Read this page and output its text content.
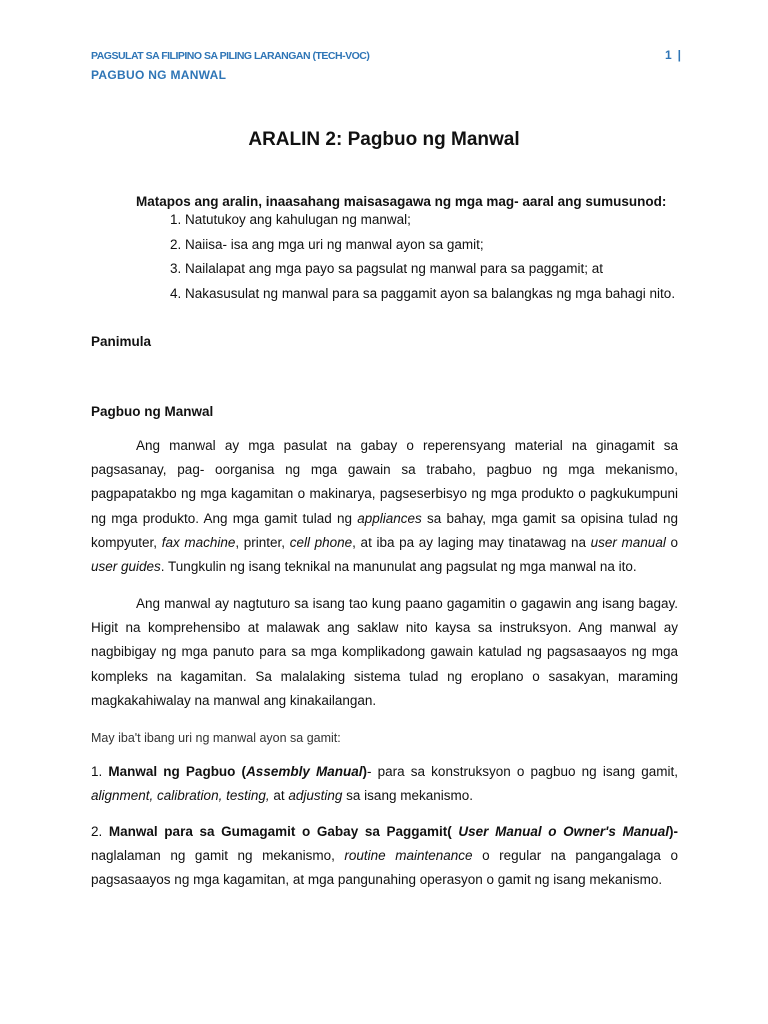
PAGSULAT SA FILIPINO SA PILING LARANGAN (TECH-VOC)	1 |
PAGBUO NG MANWAL
ARALIN 2: Pagbuo ng Manwal
Matapos ang aralin, inaasahang maisasagawa ng mga mag- aaral ang sumusunod:
1. Natutukoy ang kahulugan ng manwal;
2. Naiisa- isa ang mga uri ng manwal ayon sa gamit;
3. Nailalapat ang mga payo sa pagsulat ng manwal para sa paggamit; at
4. Nakasusulat ng manwal para sa paggamit ayon sa balangkas ng mga bahagi nito.
Panimula
Pagbuo ng Manwal
Ang manwal ay mga pasulat na gabay o reperensyang material na ginagamit sa
pagsasanay, pag- oorganisa ng mga gawain sa trabaho, pagbuo ng mga mekanismo,
pagpapatakbo ng mga kagamitan o makinarya, pagseserbisyo ng mga produkto o pagkukumpuni
ng mga produkto. Ang mga gamit tulad ng appliances sa bahay, mga gamit sa opisina tulad ng
kompyuter, fax machine, printer, cell phone, at iba pa ay laging may tinatawag na user manual o
user guides. Tungkulin ng isang teknikal na manunulat ang pagsulat ng mga manwal na ito.
Ang manwal ay nagtuturo sa isang tao kung paano gagamitin o gagawin ang isang bagay.
Higit na komprehensibo at malawak ang saklaw nito kaysa sa instruksyon. Ang manwal ay
nagbibigay ng mga panuto para sa mga komplikadong gawain katulad ng pagsasaayos ng mga
kompleks na kagamitan. Sa malalaking sistema tulad ng eroplano o sasakyan, maraming
magkakahiwalay na manwal ang kinakailangan.
May iba't ibang uri ng manwal ayon sa gamit:
1. Manwal ng Pagbuo (Assembly Manual)- para sa konstruksyon o pagbuo ng isang gamit,
alignment, calibration, testing, at adjusting sa isang mekanismo.
2. Manwal para sa Gumagamit o Gabay sa Paggamit( User Manual o Owner's Manual)-
naglalaman ng gamit ng mekanismo, routine maintenance o regular na pangangalaga o
pagsasaayos ng mga kagamitan, at mga pangunahing operasyon o gamit ng isang mekanismo.
